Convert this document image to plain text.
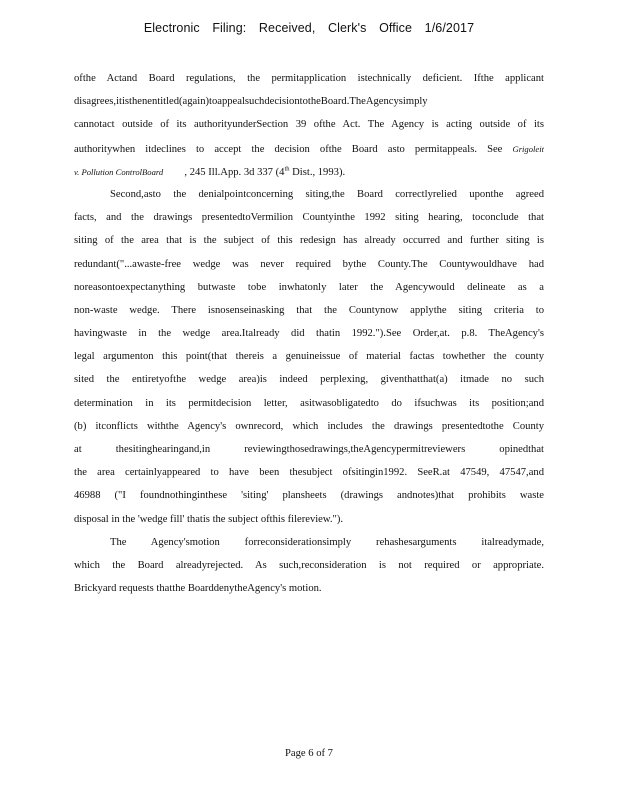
Electronic Filing: Received, Clerk's Office 1/6/2017
ofthe Actand Board regulations, the permitapplication istechnically deficient. Ifthe applicant
disagrees,itisthenentitled(again)toappealsuchdecisiontotheBoard.TheAgencysimply
cannotact outside of its authorityunderSection 39 ofthe Act. The Agency is acting outside of its
authoritywhen itdeclines to accept the decision ofthe Board asto permitappeals. See Grigoleit
v. Pollution ControlBoard , 245 Ill.App. 3d 337 (4th Dist., 1993).
Second,asto the denialpointconcerning siting,the Board correctlyrelied uponthe agreed
facts, and the drawings presentedtoVermilion Countyinthe 1992 siting hearing, toconclude that
siting of the area that is the subject of this redesign has already occurred and further siting is
redundant("...awaste-free wedge was never required bythe County.The Countywouldhave had
noreasontoexpectanything butwaste tobe inwhatonly later the Agencywould delineate as a
non-waste wedge. There isnosenseinasking that the Countynow applythe siting criteria to
havingwaste in the wedge area.Italready did thatin 1992.").See Order,at. p.8. TheAgency's
legal argumenton this point(that thereis a genuineissue of material factas towhether the county
sited the entiretyofthe wedge area)is indeed perplexing, giventhatthat(a) itmade no such
determination in its permitdecision letter, asitwasobligatedto do ifsuchwas its position;and
(b) itconflicts withthe Agency's ownrecord, which includes the drawings presentedtothe County
at thesitinghearingand,in reviewingthosedrawings,theAgencypermitreviewers opinedthat
the area certainlyappeared to have been thesubject ofsitingin1992. SeeR.at 47549, 47547,and
46988 ("I foundnothinginthese 'siting' plansheets (drawings andnotes)that prohibits waste
disposal in the 'wedge fill' thatis the subject ofthis filereview.").
The Agency'smotion forreconsiderationsimply rehashesarguments italreadymade,
which the Board alreadyrejected. As such,reconsideration is not required or appropriate.
Brickyard requests thatthe BoarddenytheAgency's motion.
Page 6 of 7
